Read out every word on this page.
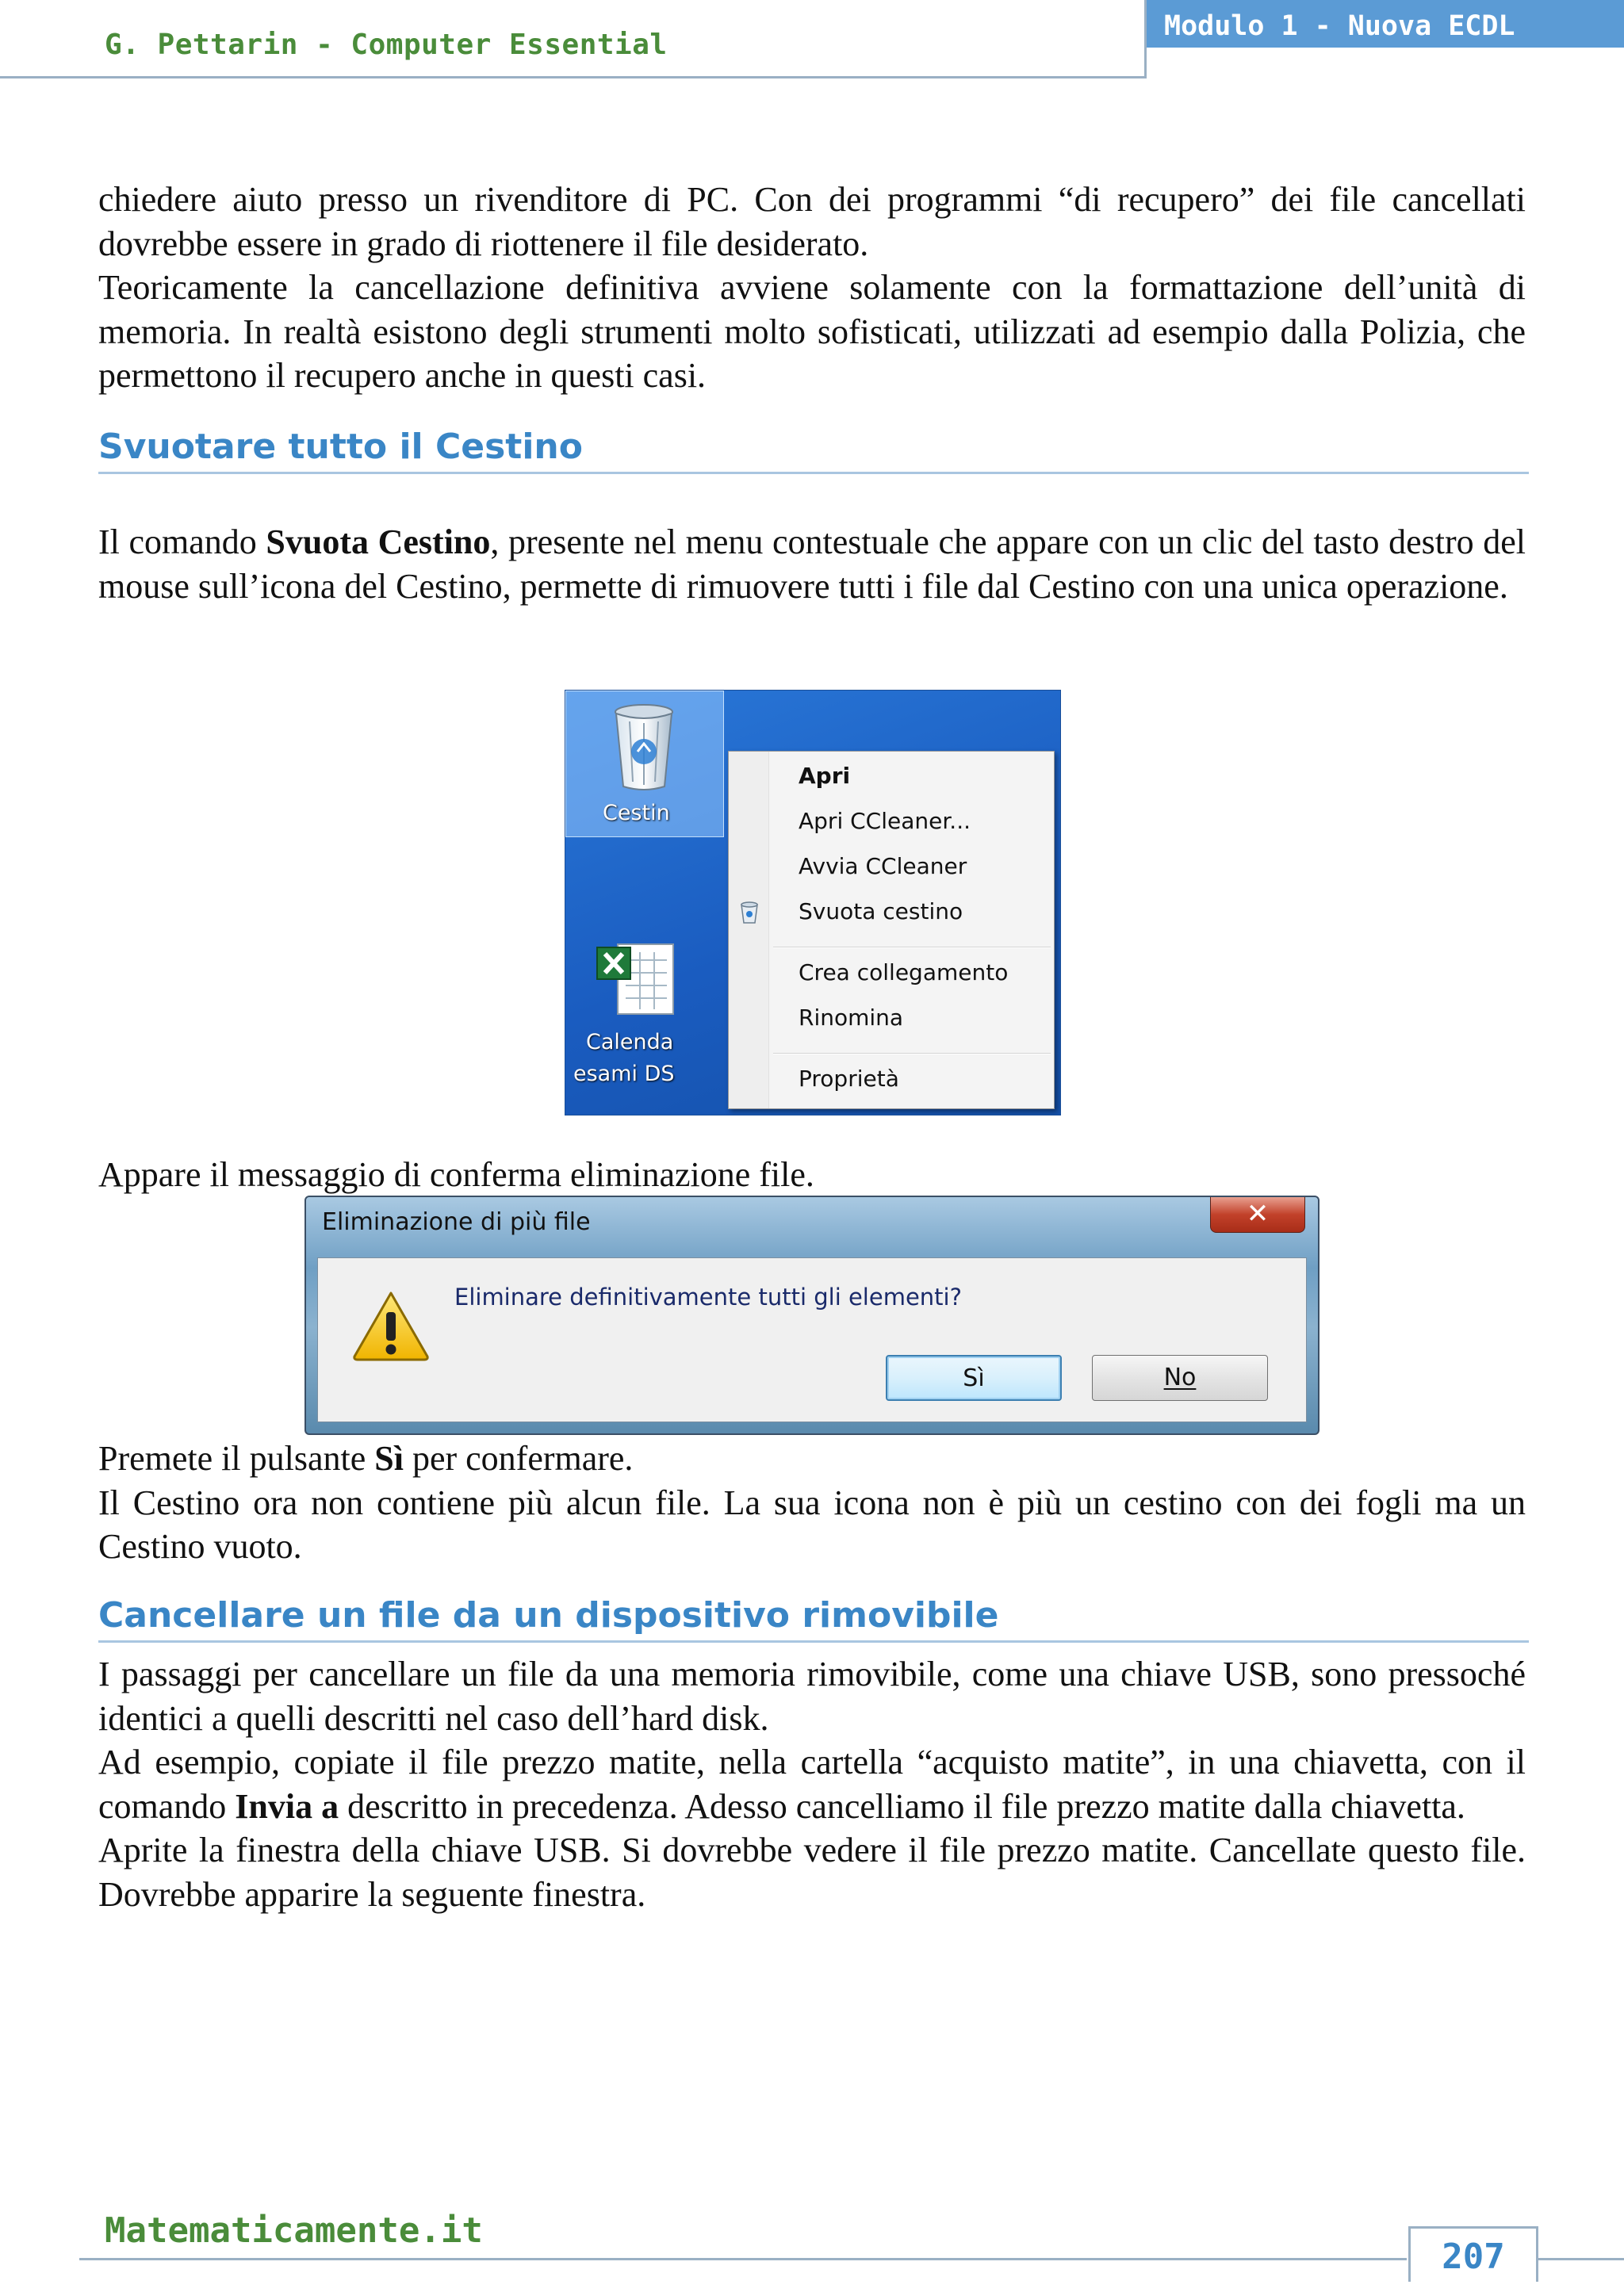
G. Pettarin - Computer Essential
Modulo 1 - Nuova ECDL

chiedere aiuto presso un rivenditore di PC. Con dei programmi “di recupero” dei file cancellati dovrebbe essere in grado di riottenere il file desiderato.

Teoricamente la cancellazione definitiva avviene solamente con la formattazione dell’unità di memoria. In realtà esistono degli strumenti molto sofisticati, utilizzati ad esempio dalla Polizia, che permettono il recupero anche in questi casi.

Svuotare tutto il Cestino

Il comando Svuota Cestino, presente nel menu contestuale che appare con un clic del tasto destro del mouse sull’icona del Cestino, permette di rimuovere tutti i file dal Cestino con una unica operazione.

Cestin
Calenda
esami DS
Apri
Apri CCleaner...
Avvia CCleaner
Svuota cestino
Crea collegamento
Rinomina
Proprietà

Appare il messaggio di conferma eliminazione file.

Eliminazione di più file	✕
Eliminare definitivamente tutti gli elementi?
Sì	No

Premete il pulsante Sì per confermare.

Il Cestino ora non contiene più alcun file. La sua icona non è più un cestino con dei fogli ma un Cestino vuoto.

Cancellare un file da un dispositivo rimovibile

I passaggi per cancellare un file da una memoria rimovibile, come una chiave USB, sono pressoché identici a quelli descritti nel caso dell’hard disk.

Ad esempio, copiate il file prezzo matite, nella cartella “acquisto matite”, in una chiavetta, con il comando Invia a descritto in precedenza. Adesso cancelliamo il file prezzo matite dalla chiavetta.

Aprite la finestra della chiave USB. Si dovrebbe vedere il file prezzo matite. Cancellate questo file. Dovrebbe apparire la seguente finestra.

Matematicamente.it
207
